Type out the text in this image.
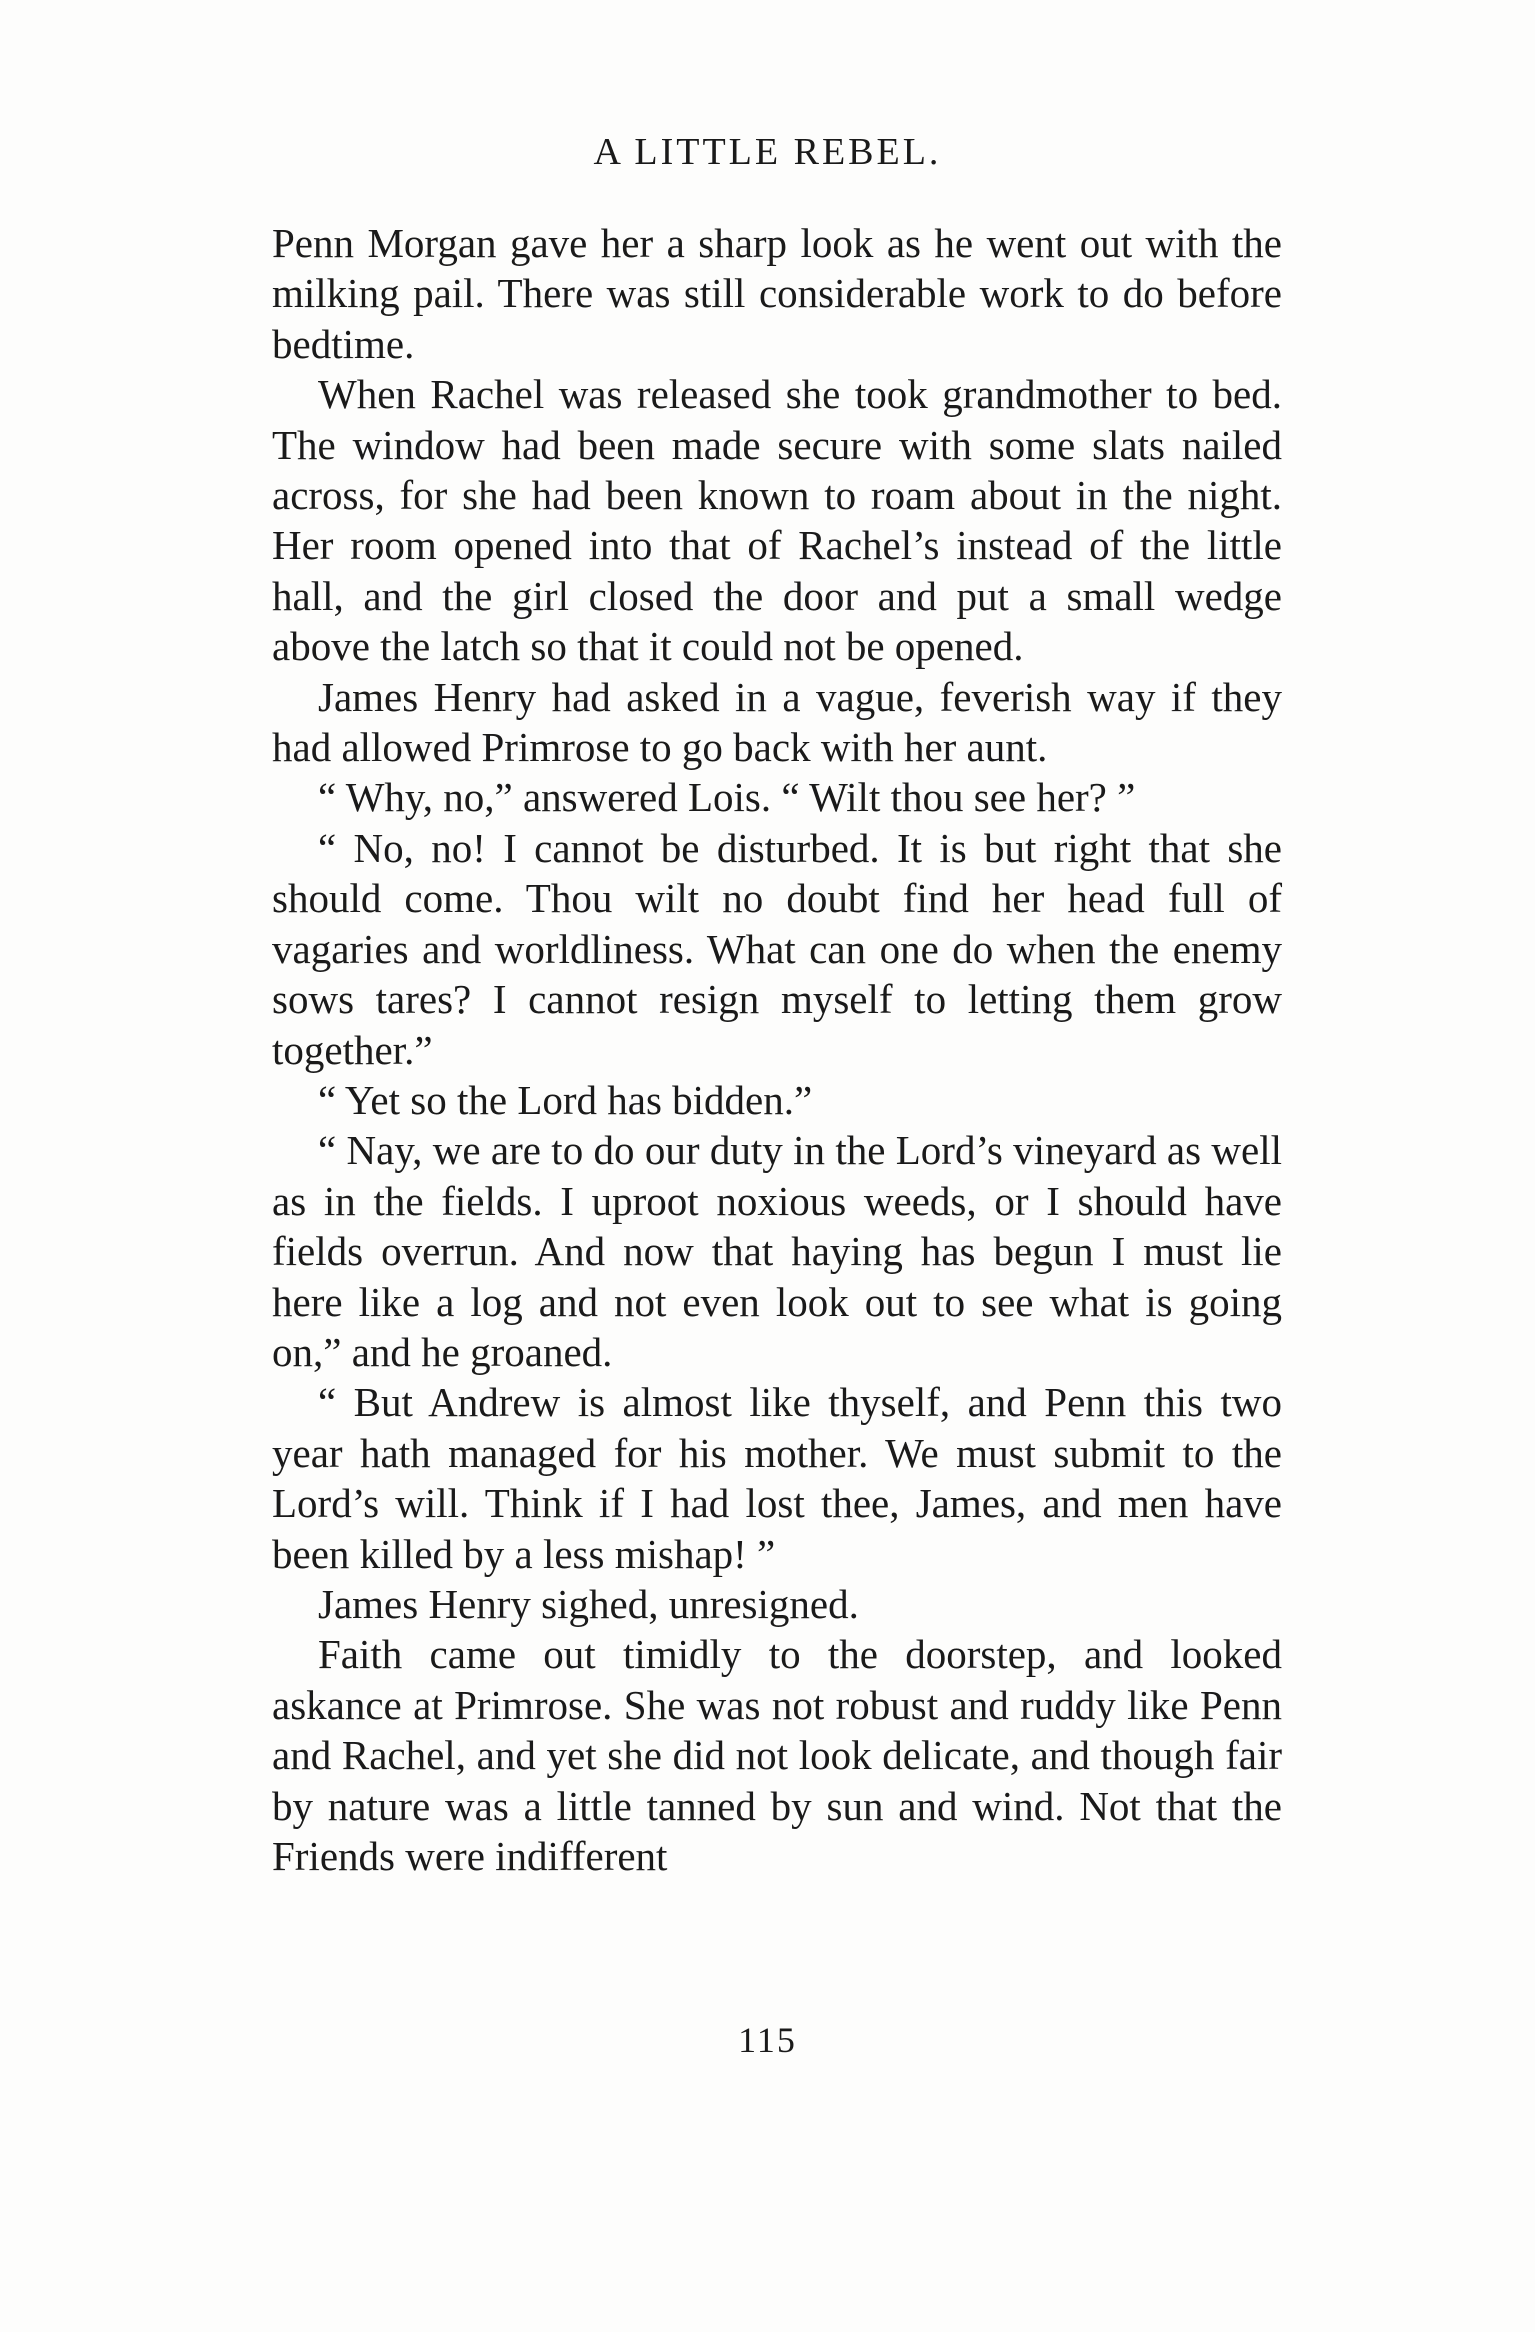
A LITTLE REBEL.

Penn Morgan gave her a sharp look as he went out with the milking pail. There was still considerable work to do before bedtime.

When Rachel was released she took grandmother to bed. The window had been made secure with some slats nailed across, for she had been known to roam about in the night. Her room opened into that of Rachel’s instead of the little hall, and the girl closed the door and put a small wedge above the latch so that it could not be opened.

James Henry had asked in a vague, feverish way if they had allowed Primrose to go back with her aunt.

“ Why, no,” answered Lois. “ Wilt thou see her? ”

“ No, no! I cannot be disturbed. It is but right that she should come. Thou wilt no doubt find her head full of vagaries and worldliness. What can one do when the enemy sows tares? I cannot resign myself to letting them grow together.”

“ Yet so the Lord has bidden.”

“ Nay, we are to do our duty in the Lord’s vineyard as well as in the fields. I uproot noxious weeds, or I should have fields overrun. And now that haying has begun I must lie here like a log and not even look out to see what is going on,” and he groaned.

“ But Andrew is almost like thyself, and Penn this two year hath managed for his mother. We must submit to the Lord’s will. Think if I had lost thee, James, and men have been killed by a less mishap! ”

James Henry sighed, unresigned.

Faith came out timidly to the doorstep, and looked askance at Primrose. She was not robust and ruddy like Penn and Rachel, and yet she did not look delicate, and though fair by nature was a little tanned by sun and wind. Not that the Friends were indifferent

115
